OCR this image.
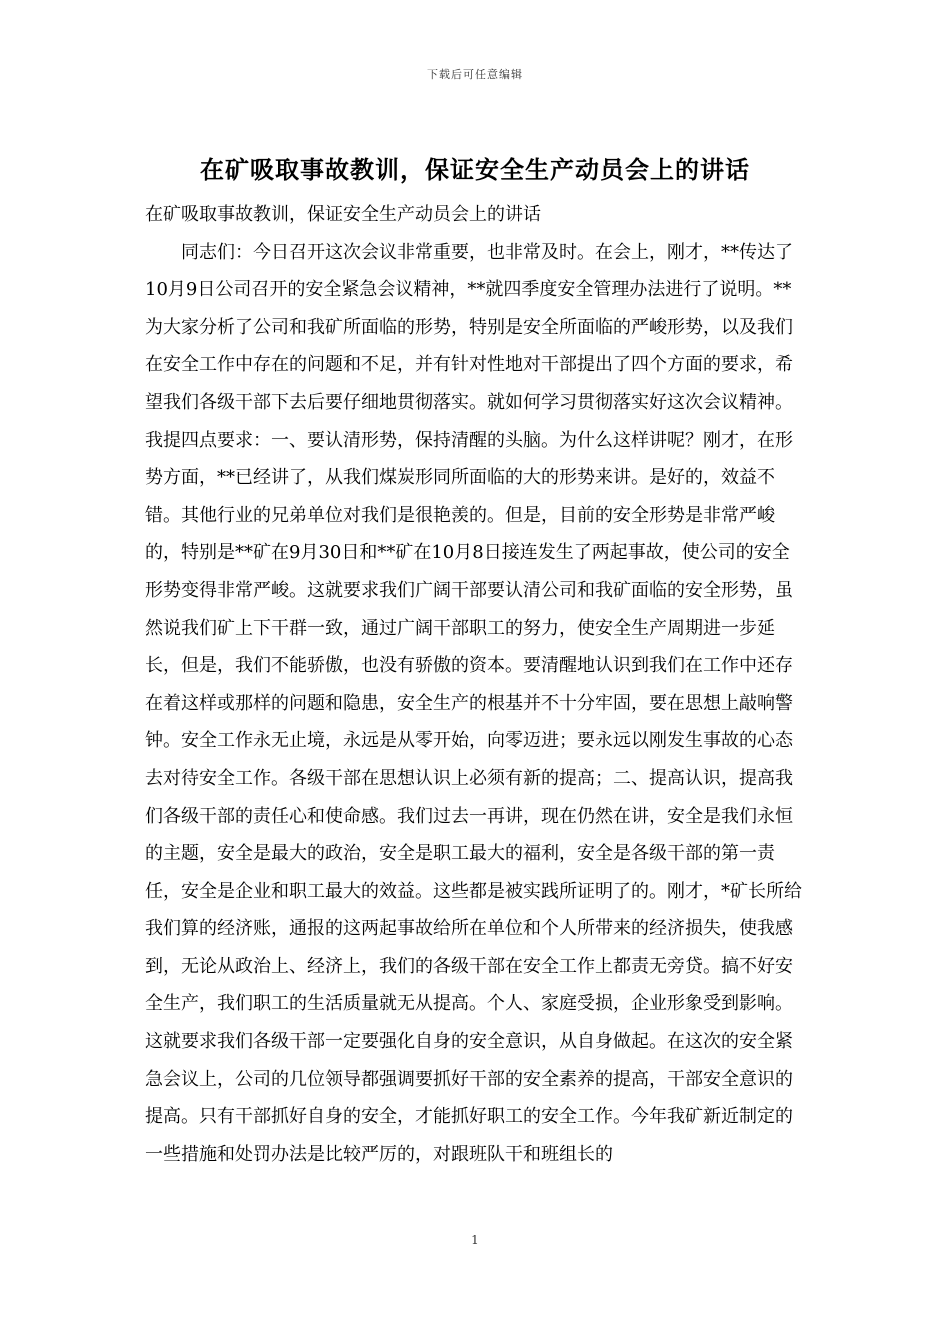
下载后可任意编辑
在矿吸取事故教训，保证安全生产动员会上的讲话

在矿吸取事故教训，保证安全生产动员会上的讲话

同志们：今日召开这次会议非常重要，也非常及时。在会上，刚才，**传达了10月9日公司召开的安全紧急会议精神，**就四季度安全管理办法进行了说明。**为大家分析了公司和我矿所面临的形势，特别是安全所面临的严峻形势，以及我们在安全工作中存在的问题和不足，并有针对性地对干部提出了四个方面的要求，希望我们各级干部下去后要仔细地贯彻落实。就如何学习贯彻落实好这次会议精神。我提四点要求：一、要认清形势，保持清醒的头脑。为什么这样讲呢？刚才，在形势方面，**已经讲了，从我们煤炭形同所面临的大的形势来讲。是好的，效益不错。其他行业的兄弟单位对我们是很艳羡的。但是，目前的安全形势是非常严峻的，特别是**矿在9月30日和**矿在10月8日接连发生了两起事故，使公司的安全形势变得非常严峻。这就要求我们广阔干部要认清公司和我矿面临的安全形势，虽然说我们矿上下干群一致，通过广阔干部职工的努力，使安全生产周期进一步延长，但是，我们不能骄傲，也没有骄傲的资本。要清醒地认识到我们在工作中还存在着这样或那样的问题和隐患，安全生产的根基并不十分牢固，要在思想上敲响警钟。安全工作永无止境，永远是从零开始，向零迈进；要永远以刚发生事故的心态去对待安全工作。各级干部在思想认识上必须有新的提高；二、提高认识，提高我们各级干部的责任心和使命感。我们过去一再讲，现在仍然在讲，安全是我们永恒的主题，安全是最大的政治，安全是职工最大的福利，安全是各级干部的第一责任，安全是企业和职工最大的效益。这些都是被实践所证明了的。刚才，*矿长所给我们算的经济账，通报的这两起事故给所在单位和个人所带来的经济损失，使我感到，无论从政治上、经济上，我们的各级干部在安全工作上都责无旁贷。搞不好安全生产，我们职工的生活质量就无从提高。个人、家庭受损，企业形象受到影响。这就要求我们各级干部一定要强化自身的安全意识，从自身做起。在这次的安全紧急会议上，公司的几位领导都强调要抓好干部的安全素养的提高，干部安全意识的提高。只有干部抓好自身的安全，才能抓好职工的安全工作。今年我矿新近制定的一些措施和处罚办法是比较严厉的，对跟班队干和班组长的

1
